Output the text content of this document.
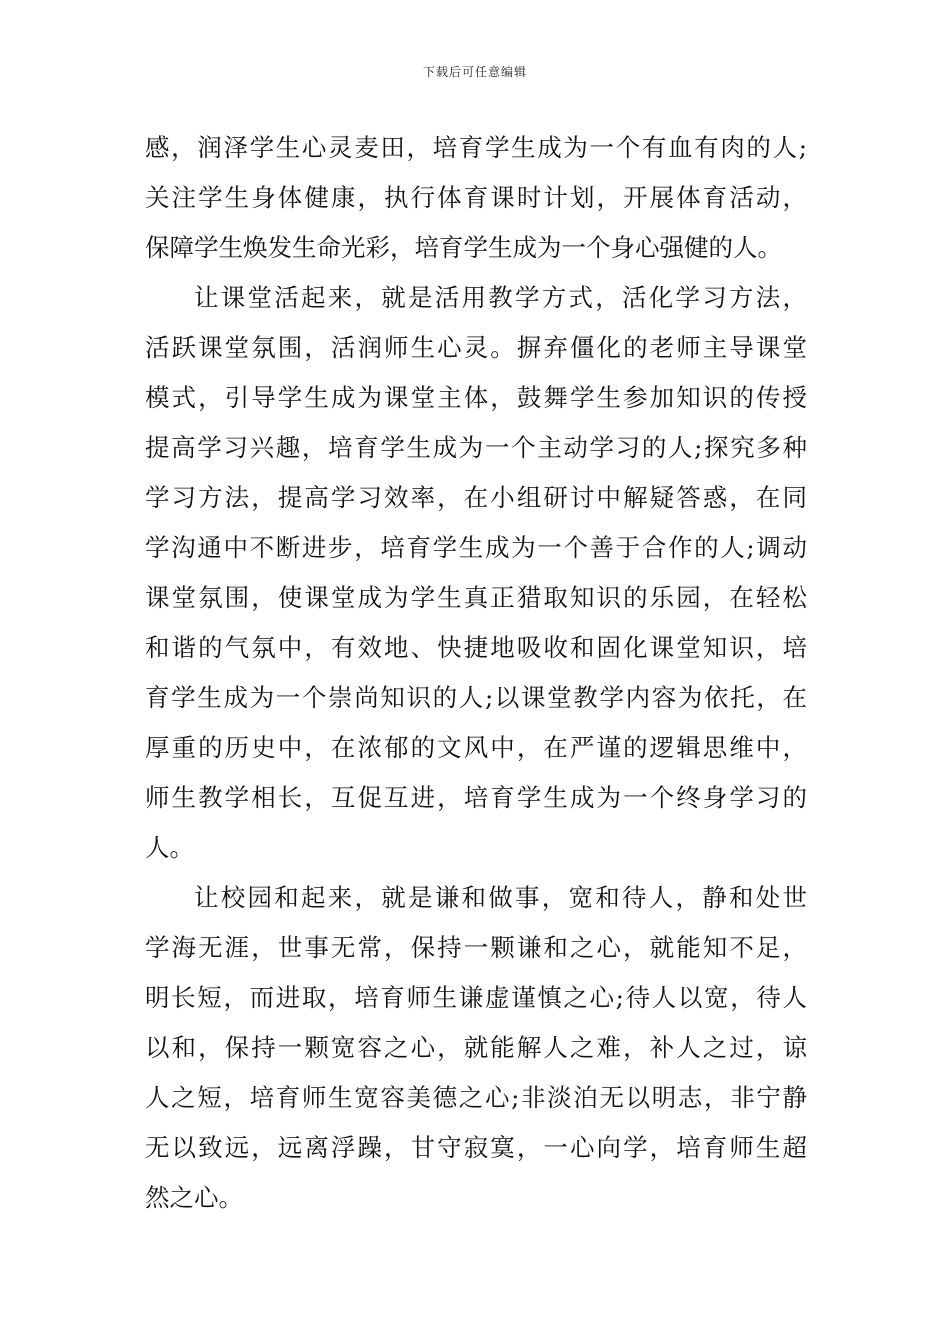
下载后可任意编辑
感，润泽学生心灵麦田，培育学生成为一个有血有肉的人;
关注学生身体健康，执行体育课时计划，开展体育活动，
保障学生焕发生命光彩，培育学生成为一个身心强健的人。
让课堂活起来，就是活用教学方式，活化学习方法，
活跃课堂氛围，活润师生心灵。摒弃僵化的老师主导课堂
模式，引导学生成为课堂主体，鼓舞学生参加知识的传授
提高学习兴趣，培育学生成为一个主动学习的人;探究多种
学习方法，提高学习效率，在小组研讨中解疑答惑，在同
学沟通中不断进步，培育学生成为一个善于合作的人;调动
课堂氛围，使课堂成为学生真正猎取知识的乐园，在轻松
和谐的气氛中，有效地、快捷地吸收和固化课堂知识，培
育学生成为一个崇尚知识的人;以课堂教学内容为依托，在
厚重的历史中，在浓郁的文风中，在严谨的逻辑思维中，
师生教学相长，互促互进，培育学生成为一个终身学习的
人。
让校园和起来，就是谦和做事，宽和待人，静和处世
学海无涯，世事无常，保持一颗谦和之心，就能知不足，
明长短，而进取，培育师生谦虚谨慎之心;待人以宽，待人
以和，保持一颗宽容之心，就能解人之难，补人之过，谅
人之短，培育师生宽容美德之心;非淡泊无以明志，非宁静
无以致远，远离浮躁，甘守寂寞，一心向学，培育师生超
然之心。
